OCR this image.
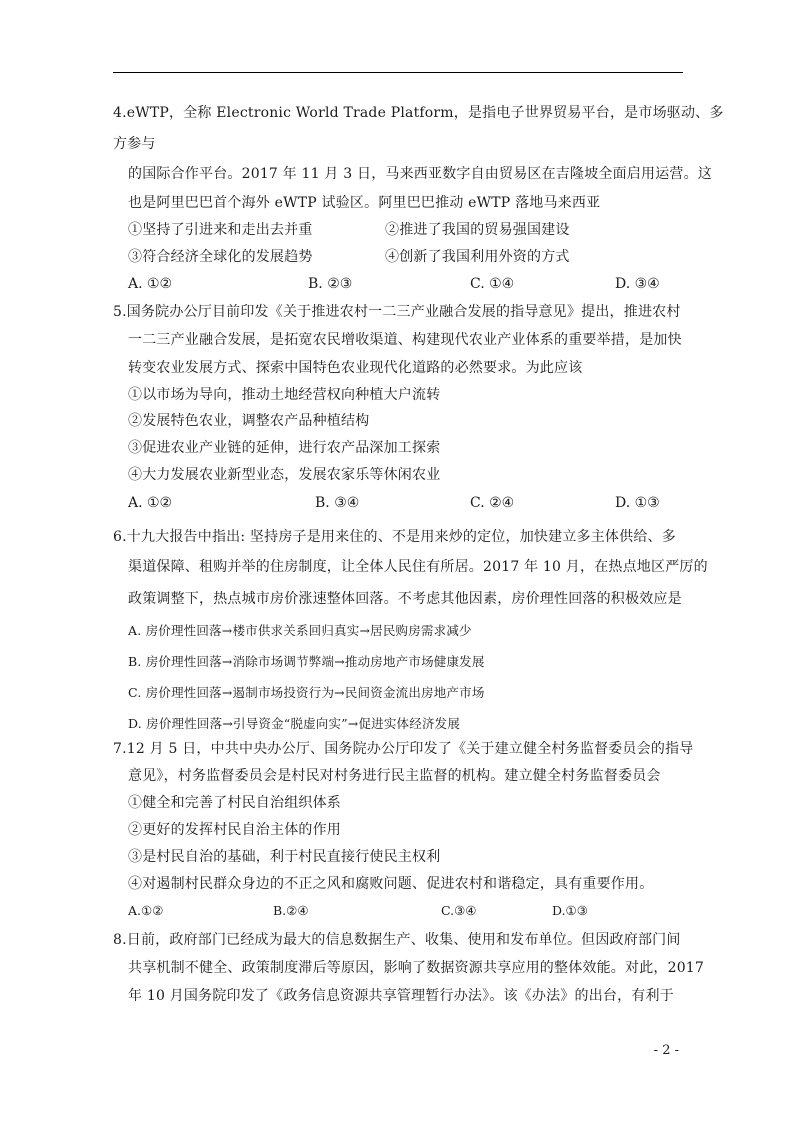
4.eWTP，全称 Electronic World Trade Platform，是指电子世界贸易平台，是市场驱动、多
方参与
的国际合作平台。2017 年 11 月 3 日，马来西亚数字自由贸易区在吉隆坡全面启用运营。这
也是阿里巴巴首个海外 eWTP 试验区。阿里巴巴推动 eWTP 落地马来西亚
①坚持了引进来和走出去并重	②推进了我国的贸易强国建设
③符合经济全球化的发展趋势	④创新了我国利用外资的方式
A. ①②	B. ②③	C. ①④	D. ③④
5.国务院办公厅目前印发《关于推进农村一二三产业融合发展的指导意见》提出，推进农村
一二三产业融合发展，是拓宽农民增收渠道、构建现代农业产业体系的重要举措，是加快
转变农业发展方式、探索中国特色农业现代化道路的必然要求。为此应该
①以市场为导向，推动土地经营权向种植大户流转
②发展特色农业，调整农产品种植结构
③促进农业产业链的延伸，进行农产品深加工探索
④大力发展农业新型业态，发展农家乐等休闲农业
A. ①②	B. ③④	C. ②④	D. ①③
6.十九大报告中指出: 坚持房子是用来住的、不是用来炒的定位，加快建立多主体供给、多
渠道保障、租购并举的住房制度，让全体人民住有所居。2017 年 10 月，在热点地区严厉的
政策调整下，热点城市房价涨速整体回落。不考虑其他因素，房价理性回落的积极效应是
A. 房价理性回落→楼市供求关系回归真实→居民购房需求减少
B. 房价理性回落→消除市场调节弊端→推动房地产市场健康发展
C. 房价理性回落→遏制市场投资行为→民间资金流出房地产市场
D. 房价理性回落→引导资金“脱虚向实”→促进实体经济发展
7.12 月 5 日，中共中央办公厅、国务院办公厅印发了《关于建立健全村务监督委员会的指导
意见》，村务监督委员会是村民对村务进行民主监督的机构。建立健全村务监督委员会
①健全和完善了村民自治组织体系
②更好的发挥村民自治主体的作用
③是村民自治的基础，利于村民直接行使民主权利
④对遏制村民群众身边的不正之风和腐败问题、促进农村和谐稳定，具有重要作用。
A.①②	B.②④	C.③④	D.①③
8.日前，政府部门已经成为最大的信息数据生产、收集、使用和发布单位。但因政府部门间
共享机制不健全、政策制度滞后等原因，影响了数据资源共享应用的整体效能。对此，2017
年 10 月国务院印发了《政务信息资源共享管理暂行办法》。该《办法》的出台，有利于
- 2 -
